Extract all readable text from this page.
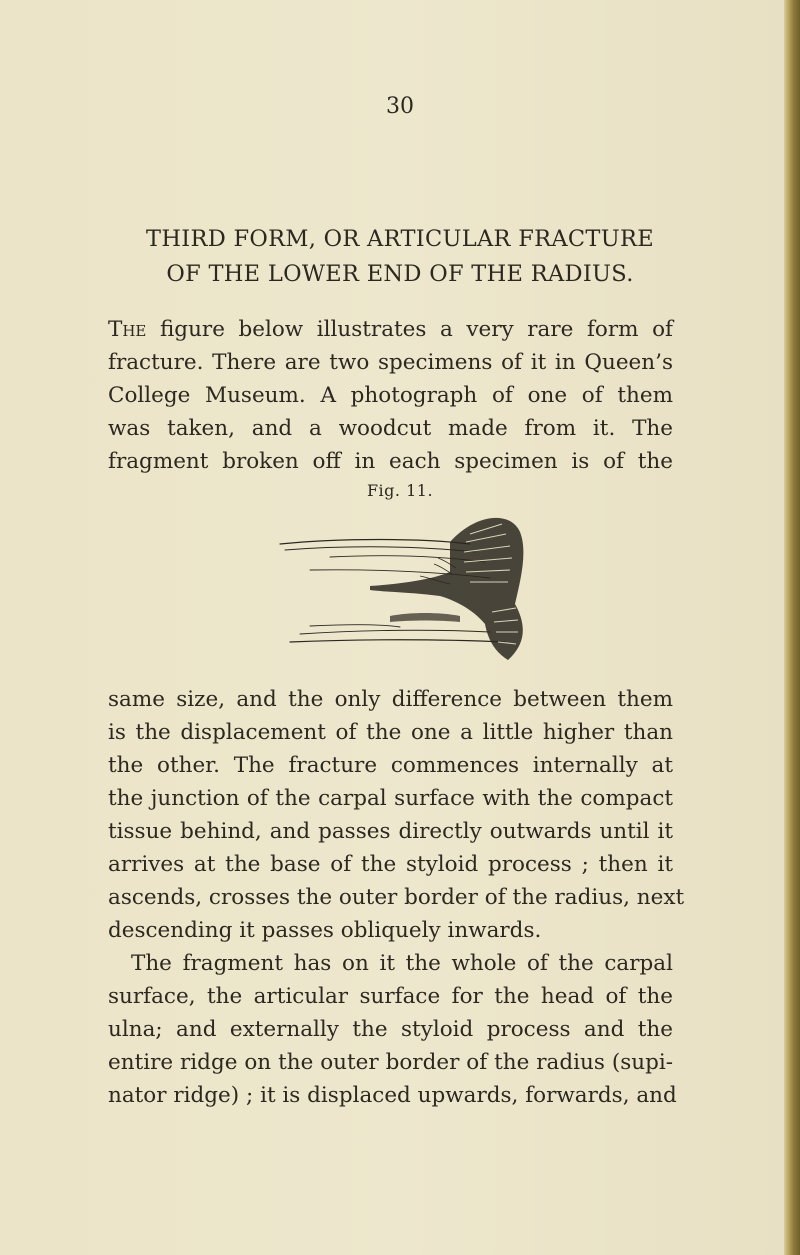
30
THIRD FORM, OR ARTICULAR FRACTURE
OF THE LOWER END OF THE RADIUS.
The figure below illustrates a very rare form of
fracture. There are two specimens of it in Queen’s
College Museum. A photograph of one of them
was taken, and a woodcut made from it. The
fragment broken off in each specimen is of the
Fig. 11.
same size, and the only difference between them
is the displacement of the one a little higher than
the other. The fracture commences internally at
the junction of the carpal surface with the compact
tissue behind, and passes directly outwards until it
arrives at the base of the styloid process ; then it
ascends, crosses the outer border of the radius, next
descending it passes obliquely inwards.
The fragment has on it the whole of the carpal
surface, the articular surface for the head of the
ulna; and externally the styloid process and the
entire ridge on the outer border of the radius (supi-
nator ridge) ; it is displaced upwards, forwards, and
